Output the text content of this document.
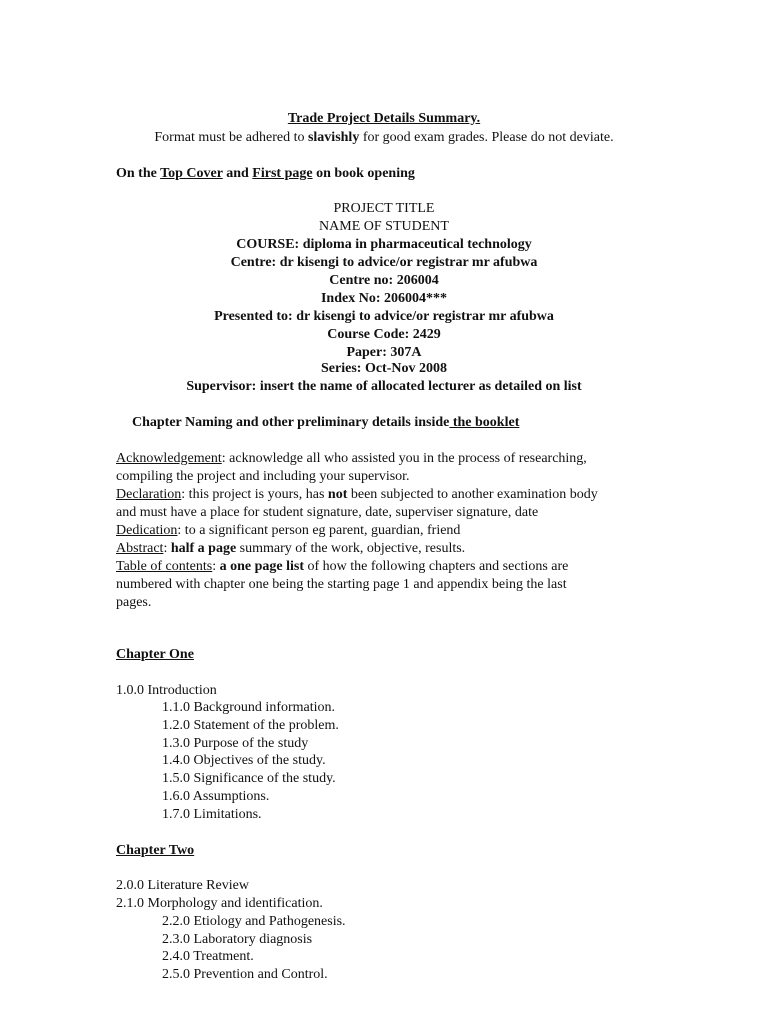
Trade Project Details Summary.
Format must be adhered to slavishly for good exam grades. Please do not deviate.
On the Top Cover and First page on book opening
PROJECT TITLE
NAME OF STUDENT
COURSE: diploma in pharmaceutical technology
Centre: dr kisengi to advice/or registrar mr afubwa
Centre no: 206004
Index No: 206004***
Presented to: dr kisengi to advice/or registrar mr afubwa
Course Code: 2429
Paper: 307A
Series: Oct-Nov 2008
Supervisor: insert the name of allocated lecturer as detailed on list
Chapter Naming and other preliminary details inside the booklet
Acknowledgement: acknowledge all who assisted you in the process of researching,
compiling the project and including your supervisor.
Declaration: this project is yours, has not been subjected to another examination body
and must have a place for student signature, date, superviser signature, date
Dedication: to a significant person eg parent, guardian, friend
Abstract: half a page summary of the work, objective, results.
Table of contents: a one page list of how the following chapters and sections are
numbered with chapter one being the starting page 1 and appendix being the last
pages.
Chapter One
1.0.0 Introduction
1.1.0 Background information.
1.2.0 Statement of the problem.
1.3.0 Purpose of the study
1.4.0 Objectives of the study.
1.5.0 Significance of the study.
1.6.0 Assumptions.
1.7.0 Limitations.
Chapter Two
2.0.0 Literature Review
2.1.0 Morphology and identification.
2.2.0 Etiology and Pathogenesis.
2.3.0 Laboratory diagnosis
2.4.0 Treatment.
2.5.0 Prevention and Control.
